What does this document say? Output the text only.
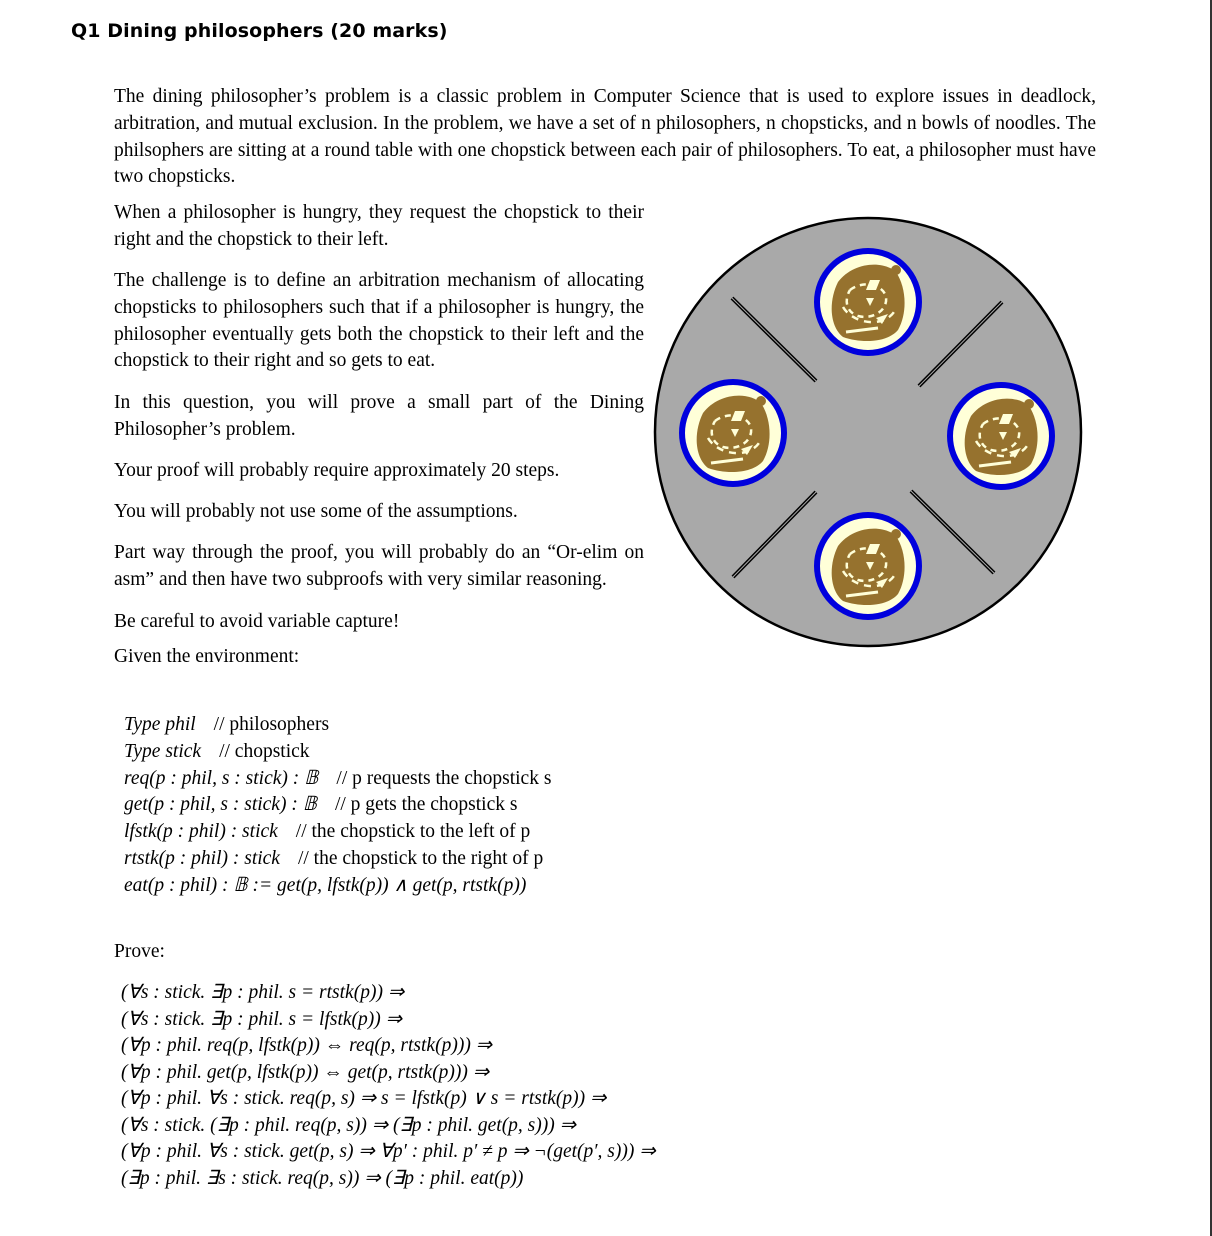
Q1 Dining philosophers (20 marks)
The dining philosopher’s problem is a classic problem in Computer Science that is used to explore issues in deadlock, arbitration, and mutual exclusion. In the problem, we have a set of n philosophers, n chopsticks, and n bowls of noodles. The philsophers are sitting at a round table with one chopstick between each pair of philosophers. To eat, a philosopher must have two chopsticks.

When a philosopher is hungry, they request the chopstick to their right and the chopstick to their left.

The challenge is to define an arbitration mechanism of allocating chopsticks to philosophers such that if a philosopher is hungry, the philosopher eventually gets both the chopstick to their left and the chopstick to their right and so gets to eat.

In this question, you will prove a small part of the Dining Philosopher’s problem.

Your proof will probably require approximately 20 steps.

You will probably not use some of the assumptions.

Part way through the proof, you will probably do an “Or-elim on asm” and then have two subproofs with very similar reasoning.

Be careful to avoid variable capture!

Given the environment:

Type phil // philosophers
Type stick // chopstick
req(p : phil, s : stick) : 𝔹 // p requests the chopstick s
get(p : phil, s : stick) : 𝔹 // p gets the chopstick s
lfstk(p : phil) : stick // the chopstick to the left of p
rtstk(p : phil) : stick // the chopstick to the right of p
eat(p : phil) : 𝔹 := get(p, lfstk(p)) ∧ get(p, rtstk(p))
Prove:
(∀s : stick. ∃p : phil. s = rtstk(p)) ⇒
(∀s : stick. ∃p : phil. s = lfstk(p)) ⇒
(∀p : phil. req(p, lfstk(p)) ⇔ req(p, rtstk(p))) ⇒
(∀p : phil. get(p, lfstk(p)) ⇔ get(p, rtstk(p))) ⇒
(∀p : phil. ∀s : stick. req(p, s) ⇒ s = lfstk(p) ∨ s = rtstk(p)) ⇒
(∀s : stick. (∃p : phil. req(p, s)) ⇒ (∃p : phil. get(p, s))) ⇒
(∀p : phil. ∀s : stick. get(p, s) ⇒ ∀p′ : phil. p′ ≠ p ⇒ ¬(get(p′, s))) ⇒
(∃p : phil. ∃s : stick. req(p, s)) ⇒ (∃p : phil. eat(p))
